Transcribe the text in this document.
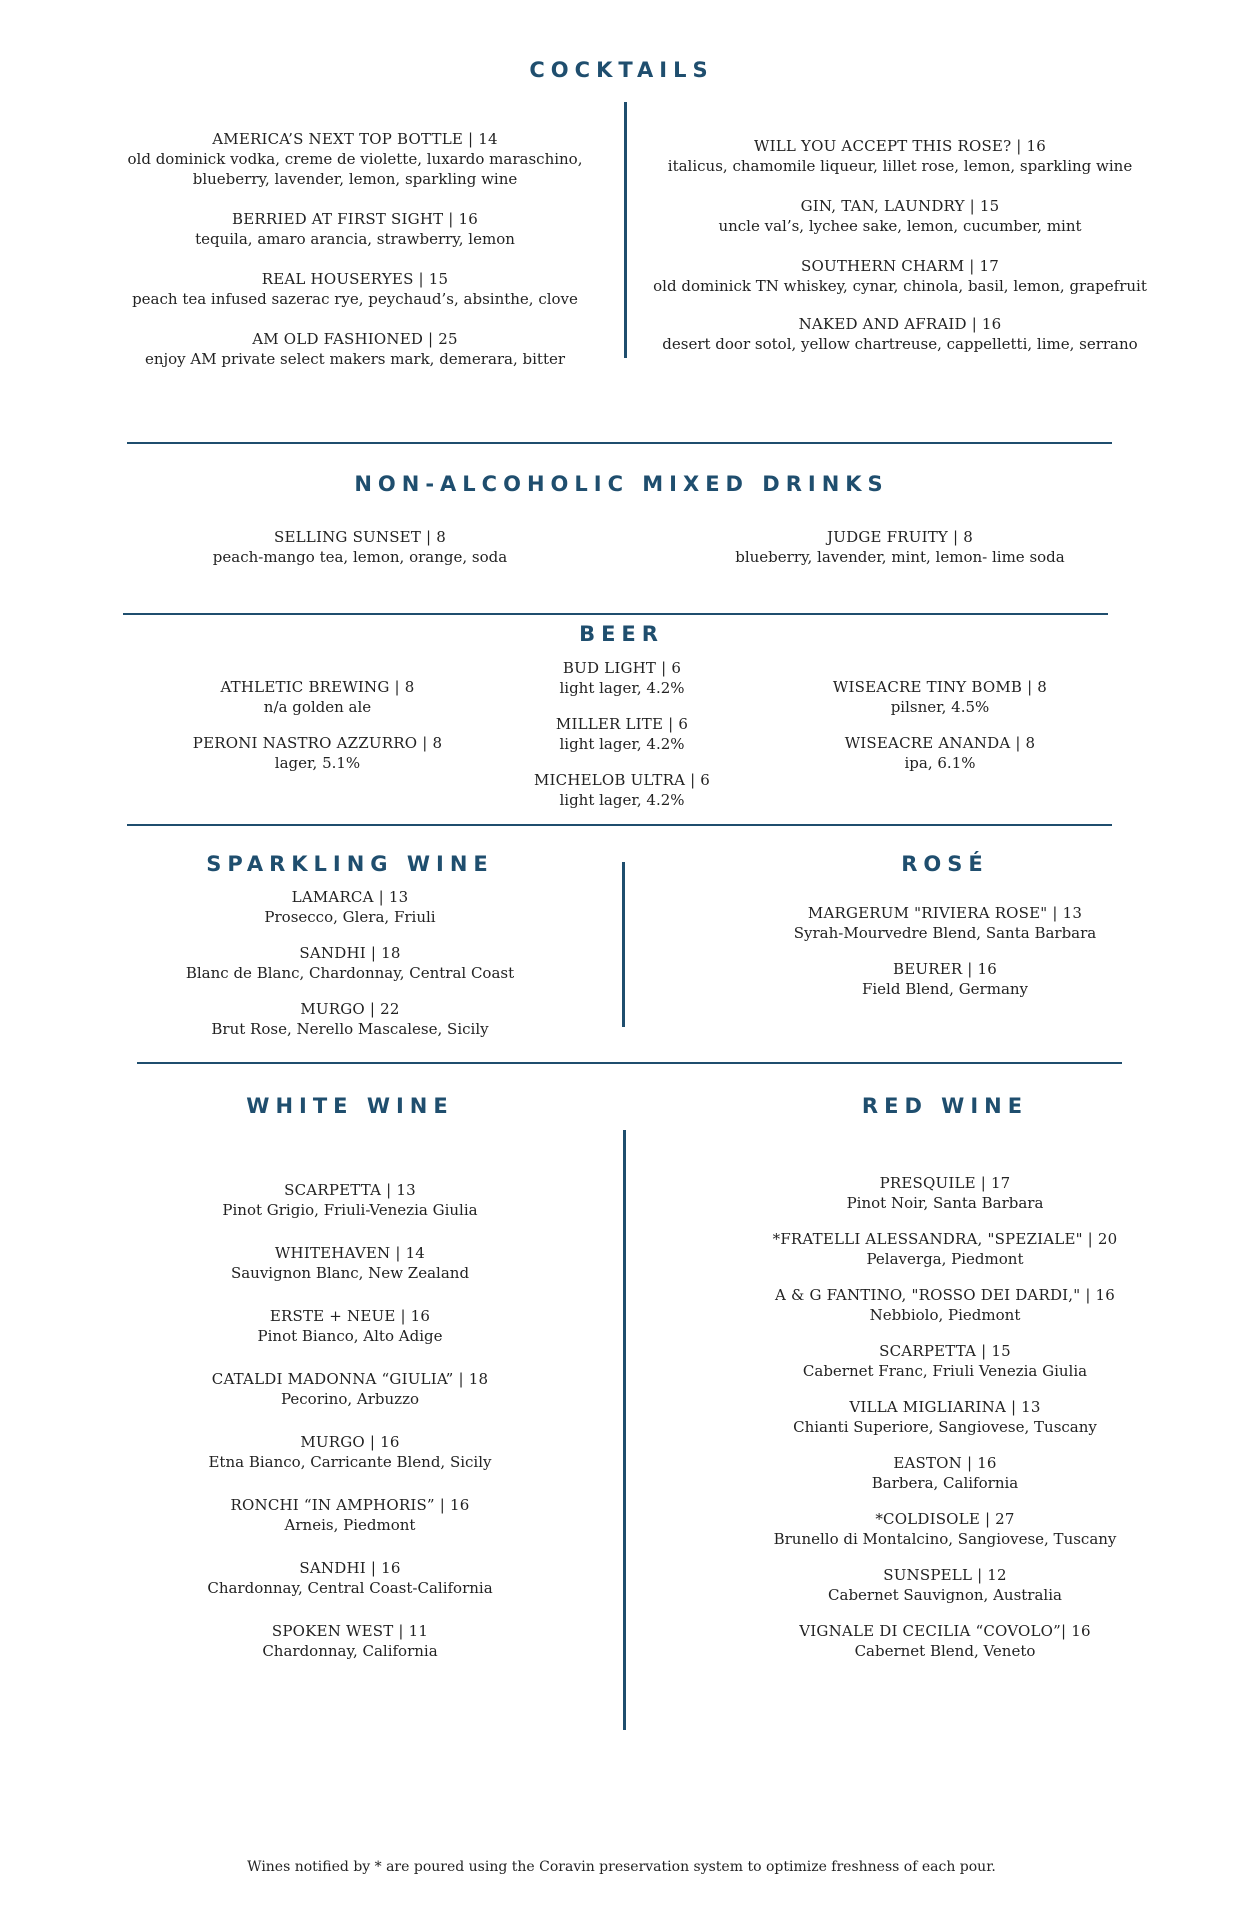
COCKTAILS
AMERICA’S NEXT TOP BOTTLE | 14
old dominick vodka, creme de violette, luxardo maraschino,
blueberry, lavender, lemon, sparkling wine
BERRIED AT FIRST SIGHT | 16
tequila, amaro arancia, strawberry, lemon
REAL HOUSERYES | 15
peach tea infused sazerac rye, peychaud’s, absinthe, clove
AM OLD FASHIONED | 25
enjoy AM private select makers mark, demerara, bitter
WILL YOU ACCEPT THIS ROSE? | 16
italicus, chamomile liqueur, lillet rose, lemon, sparkling wine
GIN, TAN, LAUNDRY | 15
uncle val’s, lychee sake, lemon, cucumber, mint
SOUTHERN CHARM | 17
old dominick TN whiskey, cynar, chinola, basil, lemon, grapefruit
NAKED AND AFRAID | 16
desert door sotol, yellow chartreuse, cappelletti, lime, serrano
NON-ALCOHOLIC MIXED DRINKS
SELLING SUNSET | 8
peach-mango tea, lemon, orange, soda
JUDGE FRUITY | 8
blueberry, lavender, mint, lemon- lime soda
BEER
ATHLETIC BREWING | 8
n/a golden ale
PERONI NASTRO AZZURRO | 8
lager, 5.1%
BUD LIGHT | 6
light lager, 4.2%
MILLER LITE | 6
light lager, 4.2%
MICHELOB ULTRA | 6
light lager, 4.2%
WISEACRE TINY BOMB | 8
pilsner, 4.5%
WISEACRE ANANDA | 8
ipa, 6.1%
SPARKLING WINE
LAMARCA | 13
Prosecco, Glera, Friuli
SANDHI | 18
Blanc de Blanc, Chardonnay, Central Coast
MURGO | 22
Brut Rose, Nerello Mascalese, Sicily
ROSÉ
MARGERUM "RIVIERA ROSE" | 13
Syrah-Mourvedre Blend, Santa Barbara
BEURER | 16
Field Blend, Germany
WHITE WINE
SCARPETTA | 13
Pinot Grigio, Friuli-Venezia Giulia
WHITEHAVEN | 14
Sauvignon Blanc, New Zealand
ERSTE + NEUE | 16
Pinot Bianco, Alto Adige
CATALDI MADONNA “GIULIA” | 18
Pecorino, Arbuzzo
MURGO | 16
Etna Bianco, Carricante Blend, Sicily
RONCHI “IN AMPHORIS” | 16
Arneis, Piedmont
SANDHI | 16
Chardonnay, Central Coast-California
SPOKEN WEST | 11
Chardonnay, California
RED WINE
PRESQUILE | 17
Pinot Noir, Santa Barbara
*FRATELLI ALESSANDRA, "SPEZIALE" | 20
Pelaverga, Piedmont
A & G FANTINO, "ROSSO DEI DARDI," | 16
Nebbiolo, Piedmont
SCARPETTA | 15
Cabernet Franc, Friuli Venezia Giulia
VILLA MIGLIARINA | 13
Chianti Superiore, Sangiovese, Tuscany
EASTON | 16
Barbera, California
*COLDISOLE | 27
Brunello di Montalcino, Sangiovese, Tuscany
SUNSPELL | 12
Cabernet Sauvignon, Australia
VIGNALE DI CECILIA “COVOLO”| 16
Cabernet Blend, Veneto
Wines notified by * are poured using the Coravin preservation system to optimize freshness of each pour.
